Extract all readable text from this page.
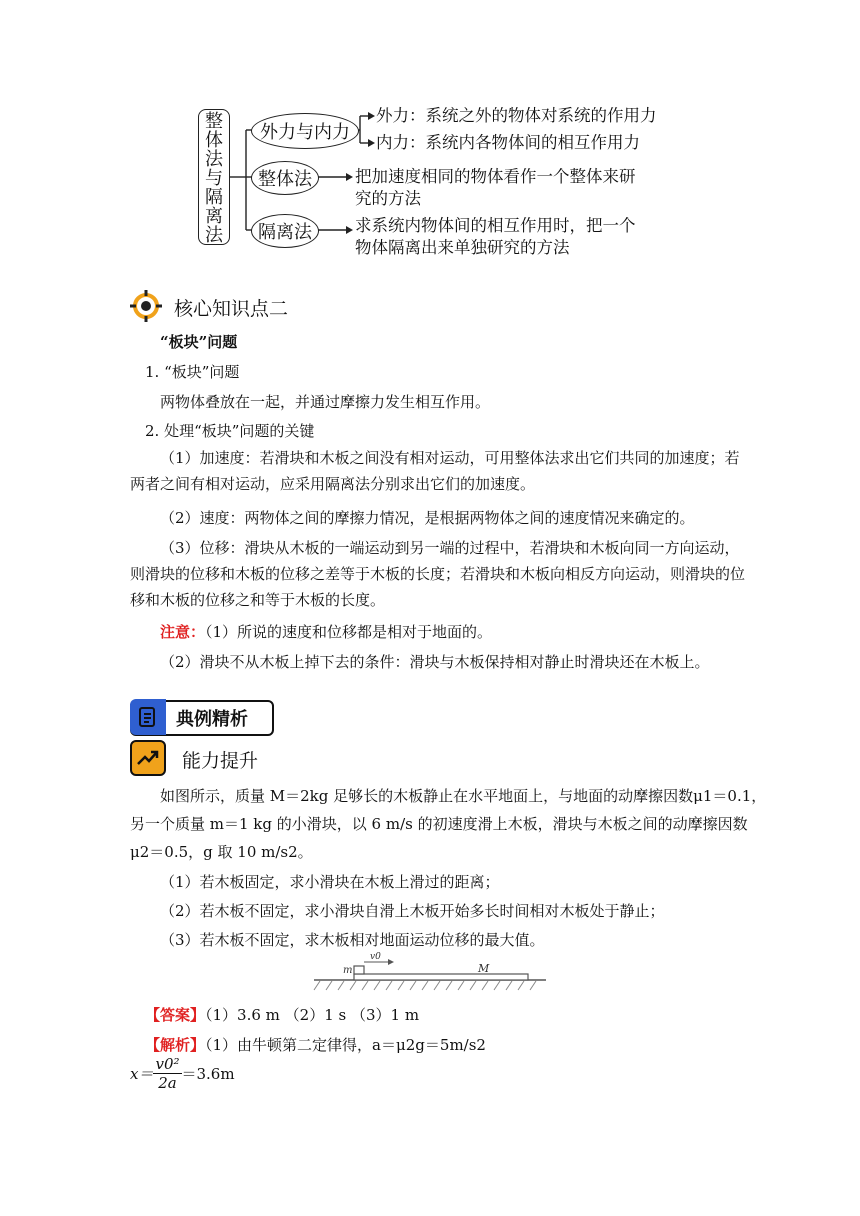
整
体
法
与
隔
离
法
外力与内力
整体法
隔离法
外力：系统之外的物体对系统的作用力
内力：系统内各物体间的相互作用力
把加速度相同的物体看作一个整体来研
究的方法
求系统内物体间的相互作用时，把一个
物体隔离出来单独研究的方法
核心知识点二
“板块”问题
1. “板块”问题
两物体叠放在一起，并通过摩擦力发生相互作用。
2. 处理“板块”问题的关键
（1）加速度：若滑块和木板之间没有相对运动，可用整体法求出它们共同的加速度；若两者之间有相对运动，应采用隔离法分别求出它们的加速度。
（2）速度：两物体之间的摩擦力情况，是根据两物体之间的速度情况来确定的。
（3）位移：滑块从木板的一端运动到另一端的过程中，若滑块和木板向同一方向运动，则滑块的位移和木板的位移之差等于木板的长度；若滑块和木板向相反方向运动，则滑块的位移和木板的位移之和等于木板的长度。
注意：（1）所说的速度和位移都是相对于地面的。
（2）滑块不从木板上掉下去的条件：滑块与木板保持相对静止时滑块还在木板上。
典例精析
能力提升
如图所示，质量 M＝2kg 足够长的木板静止在水平地面上，与地面的动摩擦因数μ1＝0.1，
另一个质量 m＝1 kg 的小滑块，以 6 m/s 的初速度滑上木板，滑块与木板之间的动摩擦因数
μ2＝0.5，g 取 10 m/s2。
（1）若木板固定，求小滑块在木板上滑过的距离；
（2）若木板不固定，求小滑块自滑上木板开始多长时间相对木板处于静止；
（3）若木板不固定，求木板相对地面运动位移的最大值。
m	M
v0
【答案】（1）3.6 m （2）1 s （3）1 m
【解析】（1）由牛顿第二定律得，a＝μ2g＝5m/s2
$x= \frac{\text{v0²}}{2a} =3.6m$
